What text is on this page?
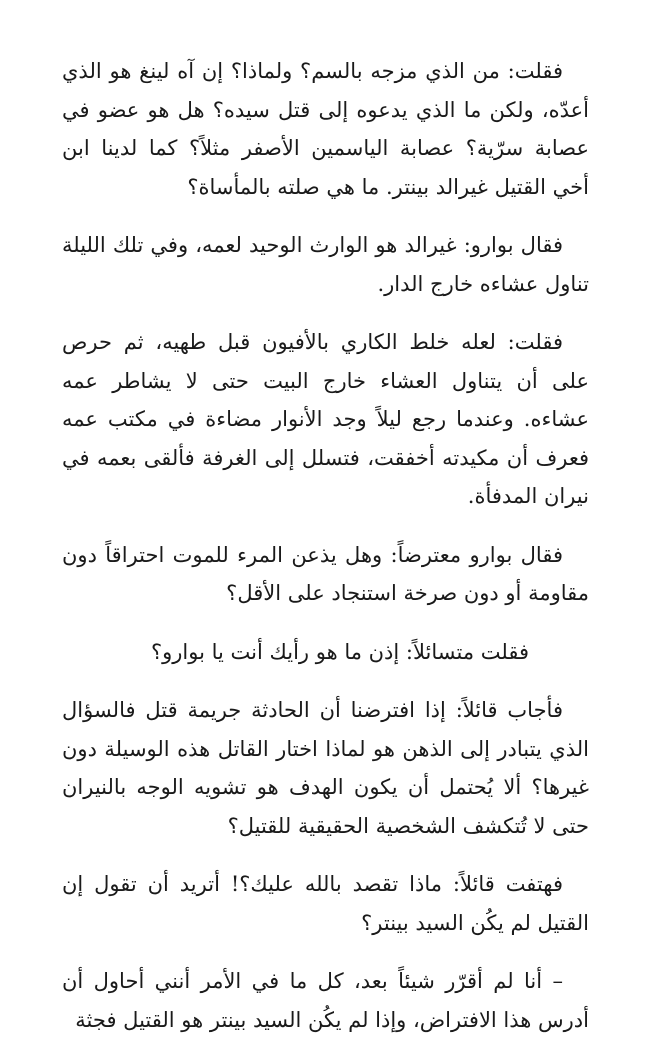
فقلت: من الذي مزجه بالسم؟ ولماذا؟ إن آه لينغ هو الذي أعدّه، ولكن ما الذي يدعوه إلى قتل سيده؟ هل هو عضو في عصابة سرّية؟ عصابة الياسمين الأصفر مثلاً؟ كما لدينا ابن أخي القتيل غيرالد بينتر. ما هي صلته بالمأساة؟

فقال بوارو: غيرالد هو الوارث الوحيد لعمه، وفي تلك الليلة تناول عشاءه خارج الدار.

فقلت: لعله خلط الكاري بالأفيون قبل طهيه، ثم حرص على أن يتناول العشاء خارج البيت حتى لا يشاطر عمه عشاءه. وعندما رجع ليلاً وجد الأنوار مضاءة في مكتب عمه فعرف أن مكيدته أخفقت، فتسلل إلى الغرفة فألقى بعمه في نيران المدفأة.

فقال بوارو معترضاً: وهل يذعن المرء للموت احتراقاً دون مقاومة أو دون صرخة استنجاد على الأقل؟

فقلت متسائلاً: إذن ما هو رأيك أنت يا بوارو؟

فأجاب قائلاً: إذا افترضنا أن الحادثة جريمة قتل فالسؤال الذي يتبادر إلى الذهن هو لماذا اختار القاتل هذه الوسيلة دون غيرها؟ ألا يُحتمل أن يكون الهدف هو تشويه الوجه بالنيران حتى لا تُتكشف الشخصية الحقيقية للقتيل؟

فهتفت قائلاً: ماذا تقصد بالله عليك؟! أتريد أن تقول إن القتيل لم يكُن السيد بينتر؟

– أنا لم أقرّر شيئاً بعد، كل ما في الأمر أنني أحاول أن أدرس هذا الافتراض، وإذا لم يكُن السيد بينتر هو القتيل فجثة
